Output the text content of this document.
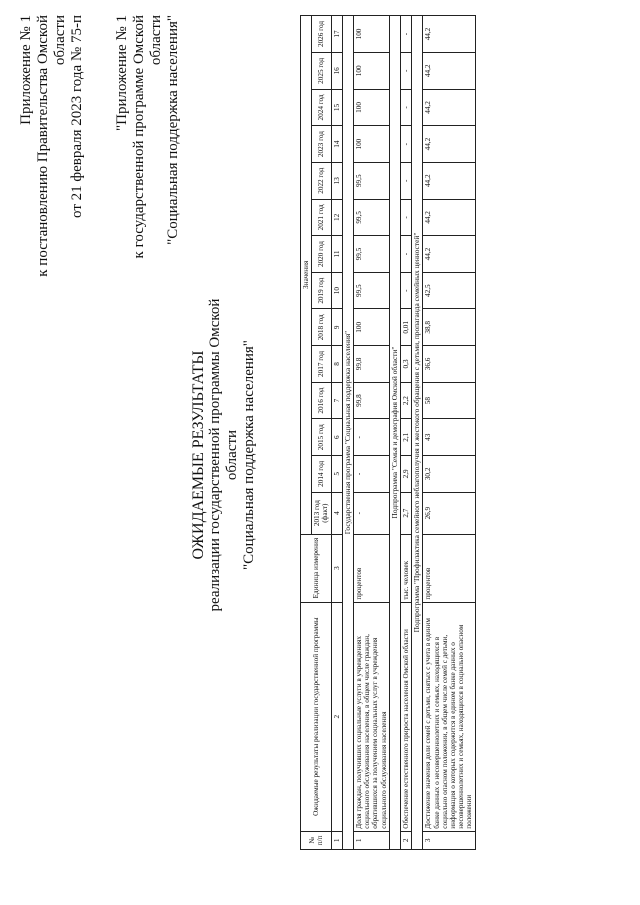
Приложение № 1 к постановлению Правительства Омской области от 21 февраля 2023 года № 75-п "Приложение № 1 к государственной программе Омской области "Социальная поддержка населения"
ОЖИДАЕМЫЕ РЕЗУЛЬТАТЫ реализации государственной программы Омской области "Социальная поддержка населения"
№ п/п	Ожидаемые результаты реализации государственной программы	Единица измерения	Значения													
			2013 год (факт)	2014 год	2015 год	2016 год	2017 год	2018 год	2019 год	2020 год	2021 год	2022 год	2023 год	2024 год	2025 год	2026 год
1	2	3	4	5	6	7	8	9	10	11	12	13	14	15	16	17
Государственная программа "Социальная поддержка населения"																
1	Доля граждан, получивших социальные услуги в учреждениях социального обслуживания населения, в общем числе граждан, обратившихся за получением социальных услуг в учреждения социального обслуживания населения	процентов	-	-	-	99,8	99,8	100	99,5	99,5	99,5	99,5	100	100	100	100
Подпрограмма "Семья и демография Омской области"																
2	Обеспечение естественного прироста населения Омской области	тыс. человек	2,7	2,9	2,1	2,2	0,3	0,01	-	-	-	-	-	-	-	-
Подпрограмма "Профилактика семейного неблагополучия и жестокого обращения с детьми, пропаганда семейных ценностей"																
3	Достижение значения доли семей с детьми, снятых с учета в единим банке данных о несовершеннолетних и семьях, находящихся в социально опасном положении, в общем числе семей с детьми, информация о которых содержится в едином банке данных о несовершеннолетних и семьях, находящихся в социально опасном положении	процентов	26,9	30,2	43	58	36,6	38,8	42,5	44,2	44,2	44,2	44,2	44,2	44,2	44,2
